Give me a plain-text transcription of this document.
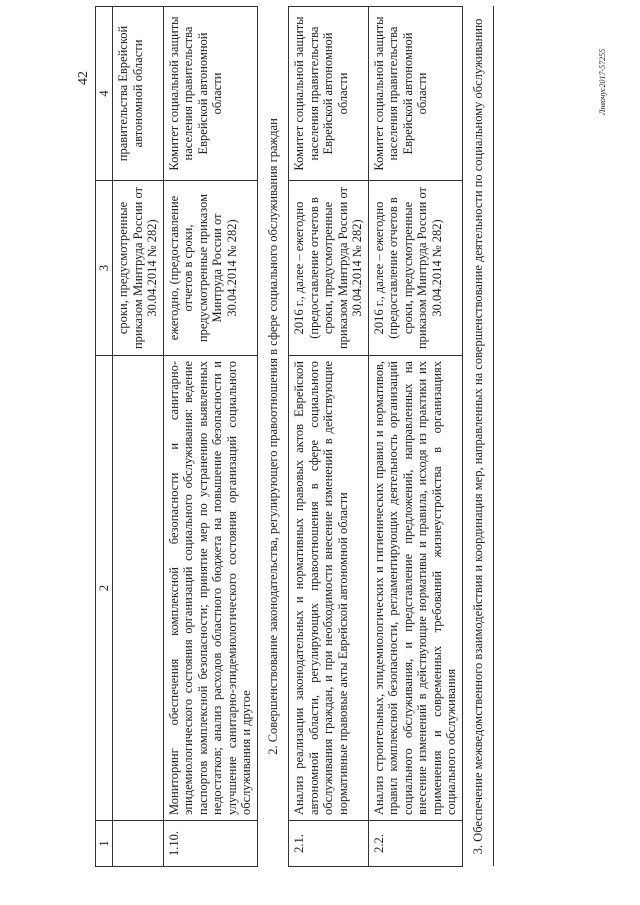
42
1	2	3	4
		сроки, предусмотренные приказом Минтруда России от 30.04.2014 № 282)	правительства Еврейской автономной области
1.10.	Мониторинг обеспечения комплексной безопасности и санитарно-эпидемиологического состояния организаций социального обслуживания: ведение паспортов комплексной безопасности; принятие мер по устранению выявленных недостатков; анализ расходов областного бюджета на повышение безопасности и улучшение санитарно-эпидемиологического состояния организаций социального обслуживания и другое	ежегодно, (предоставление отчетов в сроки, предусмотренные приказом Минтруда России от 30.04.2014 № 282)	Комитет социальной защиты населения правительства Еврейской автономной области
2. Совершенствование законодательства, регулирующего правоотношения в сфере социального обслуживания граждан			
2.1.	Анализ реализации законодательных и нормативных правовых актов Еврейской автономной области, регулирующих правоотношения в сфере социального обслуживания граждан, и при необходимости внесение изменений в действующие нормативные правовые акты Еврейской автономной области	2016 г., далее – ежегодно (предоставление отчетов в сроки, предусмотренные приказом Минтруда России от 30.04.2014 № 282)	Комитет социальной защиты населения правительства Еврейской автономной области
2.2.	Анализ строительных, эпидемиологических и гигиенических правил и нормативов, правил комплексной безопасности, регламентирующих деятельность организаций социального обслуживания, и представление предложений, направленных на внесение изменений в действующие нормативы и правила, исходя из практики их применения и современных требований жизнеустройства в организациях социального обслуживания	2016 г., далее – ежегодно (предоставление отчетов в сроки, предусмотренные приказом Минтруда России от 30.04.2014 № 282)	Комитет социальной защиты населения правительства Еврейской автономной области
3. Обеспечение межведомственного взаимодействия и координация мер, направленных на совершенствование деятельности по социальному обслуживанию				Лнвочус2017-57255
